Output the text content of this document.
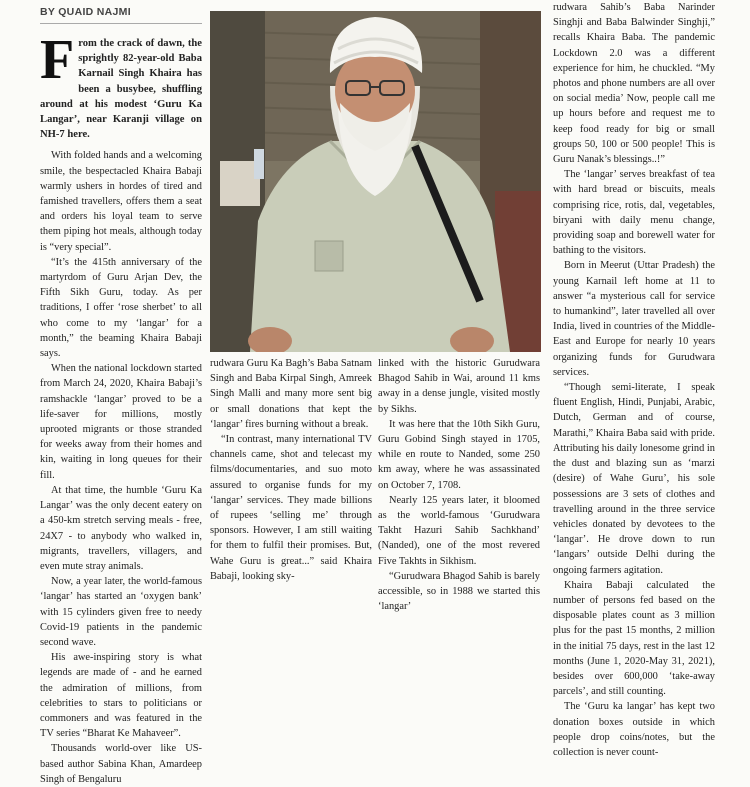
BY QUAID NAJMI
F rom the crack of dawn, the sprightly 82-year-old Baba Karnail Singh Khaira has been a busybee, shuffling around at his modest ‘Guru Ka Langar’, near Karanji village on NH-7 here.

With folded hands and a welcoming smile, the bespectacled Khaira Babaji warmly ushers in hordes of tired and famished travellers, offers them a seat and orders his loyal team to serve them piping hot meals, although today is “very special”.

“It’s the 415th anniversary of the martyrdom of Guru Arjan Dev, the Fifth Sikh Guru, today. As per traditions, I offer ‘rose sherbet’ to all who come to my ‘langar’ for a month,” the beaming Khaira Babaji says.

When the national lockdown started from March 24, 2020, Khaira Babaji’s ramshackle ‘langar’ proved to be a life-saver for millions, mostly uprooted migrants or those stranded for weeks away from their homes and kin, waiting in long queues for their fill.

At that time, the humble ‘Guru Ka Langar’ was the only decent eatery on a 450-km stretch serving meals - free, 24X7 - to anybody who walked in, migrants, travellers, villagers, and even mute stray animals.

Now, a year later, the world-famous ‘langar’ has started an ‘oxygen bank’ with 15 cylinders given free to needy Covid-19 patients in the pandemic second wave.

His awe-inspiring story is what legends are made of - and he earned the admiration of millions, from celebrities to stars to politicians or commoners and was featured in the TV series “Bharat Ke Mahaveer”.

Thousands world-over like US-based author Sabina Khan, Amardeep Singh of Bengaluru

rudwara Guru Ka Bagh’s Baba Satnam Singh and Baba Kirpal Singh, Amreek Singh Malli and many more sent big or small donations that kept the ‘langar’ fires burning without a break.

“In contrast, many international TV channels came, shot and telecast my films/documentaries, and suo moto assured to organise funds for my ‘langar’ services. They made billions of rupees ‘selling me’ through sponsors. However, I am still waiting for them to fulfil their promises. But, Wahe Guru is great...” said Khaira Babaji, looking sky-

linked with the historic Gurudwara Bhagod Sahib in Wai, around 11 kms away in a dense jungle, visited mostly by Sikhs.

It was here that the 10th Sikh Guru, Guru Gobind Singh stayed in 1705, while en route to Nanded, some 250 km away, where he was assassinated on October 7, 1708.

Nearly 125 years later, it bloomed as the world-famous ‘Gurudwara Takht Hazuri Sahib Sachkhand’ (Nanded), one of the most revered Five Takhts in Sikhism.

“Gurudwara Bhagod Sahib is barely accessible, so in 1988 we started this ‘langar’

rudwara Sahib’s Baba Narinder Singhji and Baba Balwinder Singhji,” recalls Khaira Baba. The pandemic Lockdown 2.0 was a different experience for him, he chuckled. “My photos and phone numbers are all over on social media’ Now, people call me up hours before and request me to keep food ready for big or small groups 50, 100 or 500 people! This is Guru Nanak’s blessings..!”

The ‘langar’ serves breakfast of tea with hard bread or biscuits, meals comprising rice, rotis, dal, vegetables, biryani with daily menu change, providing soap and borewell water for bathing to the visitors.

Born in Meerut (Uttar Pradesh) the young Karnail left home at 11 to answer “a mysterious call for service to humankind”, later travelled all over India, lived in countries of the Middle-East and Europe for nearly 10 years organizing funds for Gurudwara services.

“Though semi-literate, I speak fluent English, Hindi, Punjabi, Arabic, Dutch, German and of course, Marathi,” Khaira Baba said with pride. Attributing his daily lonesome grind in the dust and blazing sun as ‘marzi (desire) of Wahe Guru’, his sole possessions are 3 sets of clothes and travelling around in the three service vehicles donated by devotees to the ‘langar’. He drove down to run ‘langars’ outside Delhi during the ongoing farmers agitation.

Khaira Babaji calculated the number of persons fed based on the disposable plates count as 3 million plus for the past 15 months, 2 million in the initial 75 days, rest in the last 12 months (June 1, 2020-May 31, 2021), besides over 600,000 ‘take-away parcels’, and still counting.

The ‘Guru ka langar’ has kept two donation boxes outside in which people drop coins/notes, but the collection is never count-
